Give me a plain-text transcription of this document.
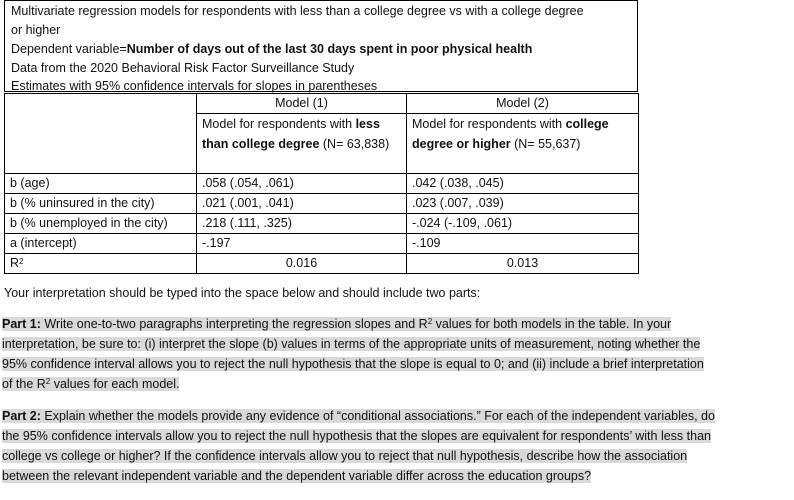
Multivariate regression models for respondents with less than a college degree vs with a college degree
or higher
Dependent variable=Number of days out of the last 30 days spent in poor physical health
Data from the 2020 Behavioral Risk Factor Surveillance Study
Estimates with 95% confidence intervals for slopes in parentheses
	Model (1)	Model (2)
	Model for respondents with less
than college degree (N= 63,838)	Model for respondents with college
degree or higher (N= 55,637)
b (age)	.058 (.054, .061)	.042 (.038, .045)
b (% uninsured in the city)	.021 (.001, .041)	.023 (.007, .039)
b (% unemployed in the city)	.218 (.111, .325)	-.024 (-.109, .061)
a (intercept)	-.197	-.109
$R^2$	0.016	0.013
Your interpretation should be typed into the space below and should include two parts:
Part 1: Write one-to-two paragraphs interpreting the regression slopes and $R^2$ values for both models in the table. In your
interpretation, be sure to: (i) interpret the slope (b) values in terms of the appropriate units of measurement, noting whether the
95% confidence interval allows you to reject the null hypothesis that the slope is equal to 0; and (ii) include a brief interpretation
of the $R^2$ values for each model.
Part 2: Explain whether the models provide any evidence of “conditional associations.” For each of the independent variables, do
the 95% confidence intervals allow you to reject the null hypothesis that the slopes are equivalent for respondents’ with less than
college vs college or higher? If the confidence intervals allow you to reject that null hypothesis, describe how the association
between the relevant independent variable and the dependent variable differ across the education groups?
